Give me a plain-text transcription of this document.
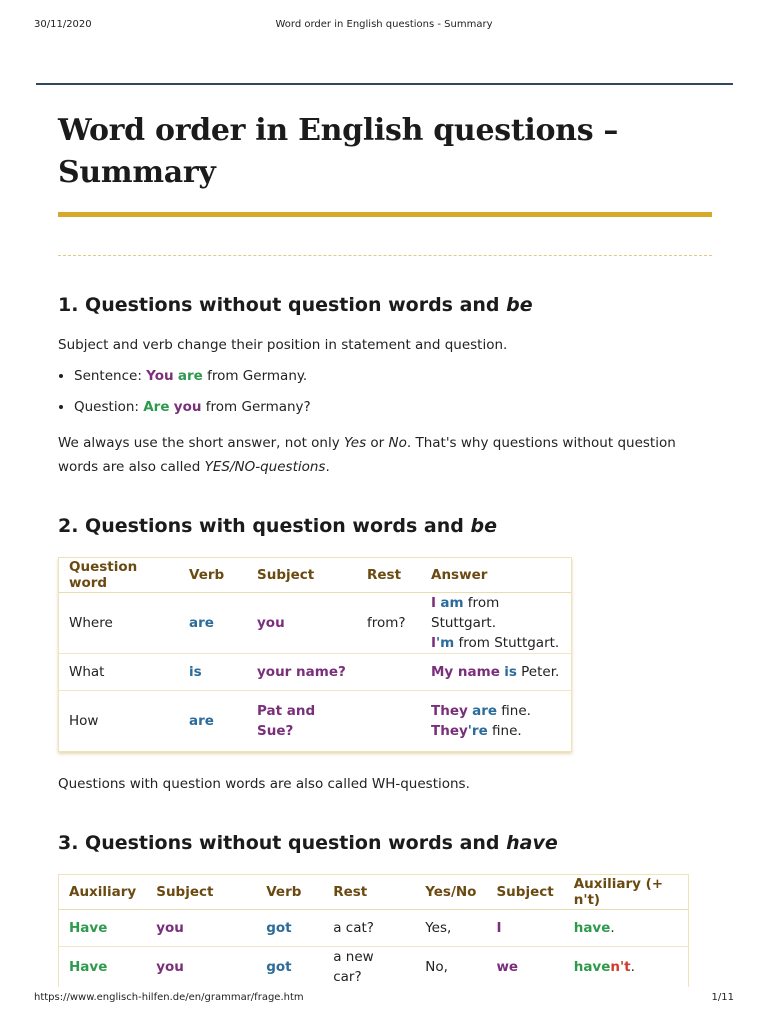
30/11/2020	Word order in English questions - Summary
Word order in English questions –
Summary
1. Questions without question words and be

Subject and verb change their position in statement and question.

• Sentence: You are from Germany.
• Question: Are you from Germany?

We always use the short answer, not only Yes or No. That's why questions without question words are also called YES/NO-questions.

2. Questions with question words and be
Question word	Verb	Subject	Rest	Answer
Where	are	you	from?	I am from Stuttgart.
I'm from Stuttgart.

What	is	your name?		My name is Peter.
How	are	Pat and Sue?		They are fine.
They're fine.

Questions with question words are also called WH-questions.

3. Questions without question words and have
Auxiliary	Subject	Verb	Rest	Yes/No	Subject	Auxiliary (+ n't)
Have	you	got	a cat?	Yes,	I	have.
Have	you	got	a new car?	No,	we	haven't.
https://www.englisch-hilfen.de/en/grammar/frage.htm	1/11
